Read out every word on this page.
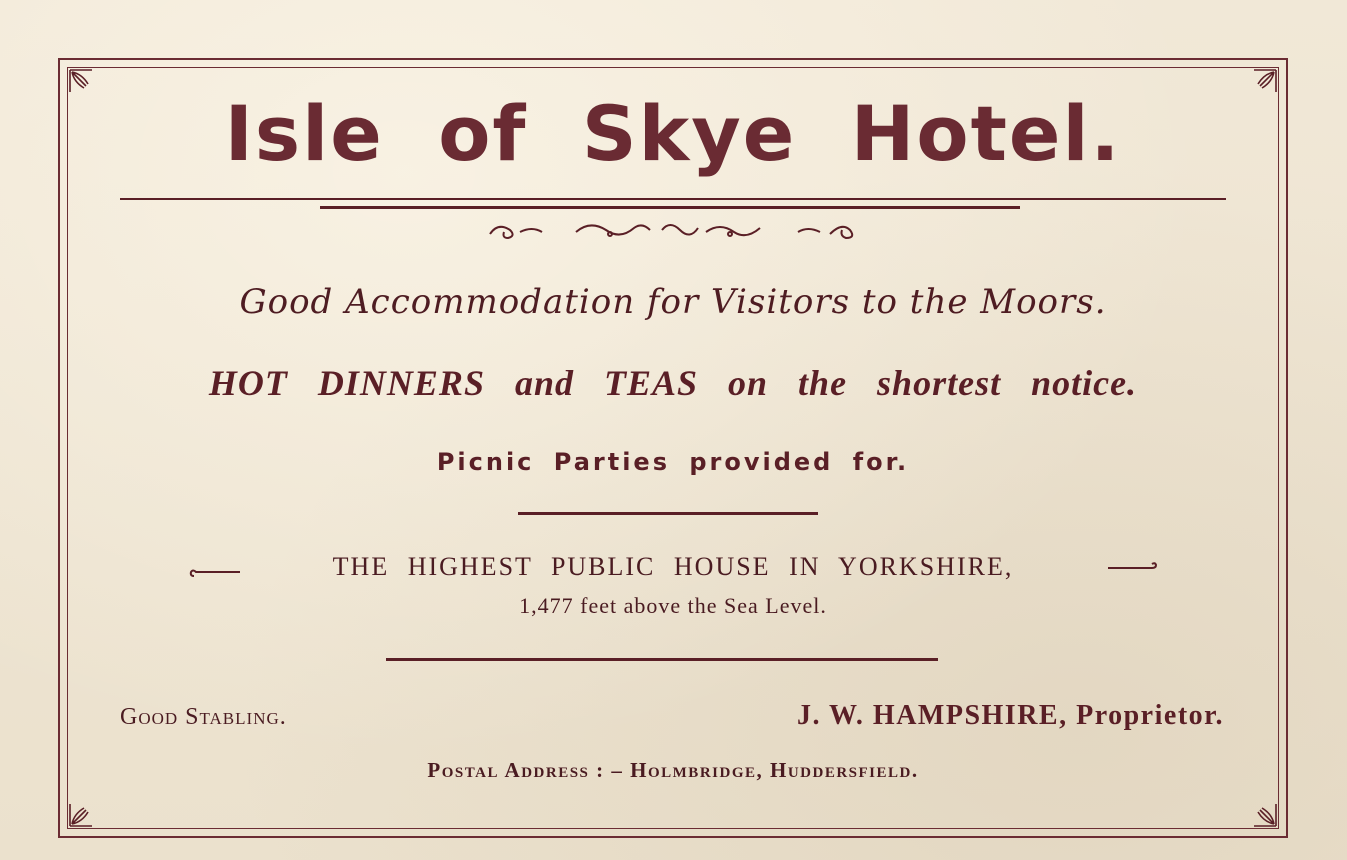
Isle of Skye Hotel.
Good Accommodation for Visitors to the Moors.
HOT DINNERS and TEAS on the shortest notice.
Picnic Parties provided for.
THE HIGHEST PUBLIC HOUSE IN YORKSHIRE,
1,477 feet above the Sea Level.
Good Stabling.	J. W. HAMPSHIRE, Proprietor.
Postal Address : – Holmbridge, Huddersfield.
